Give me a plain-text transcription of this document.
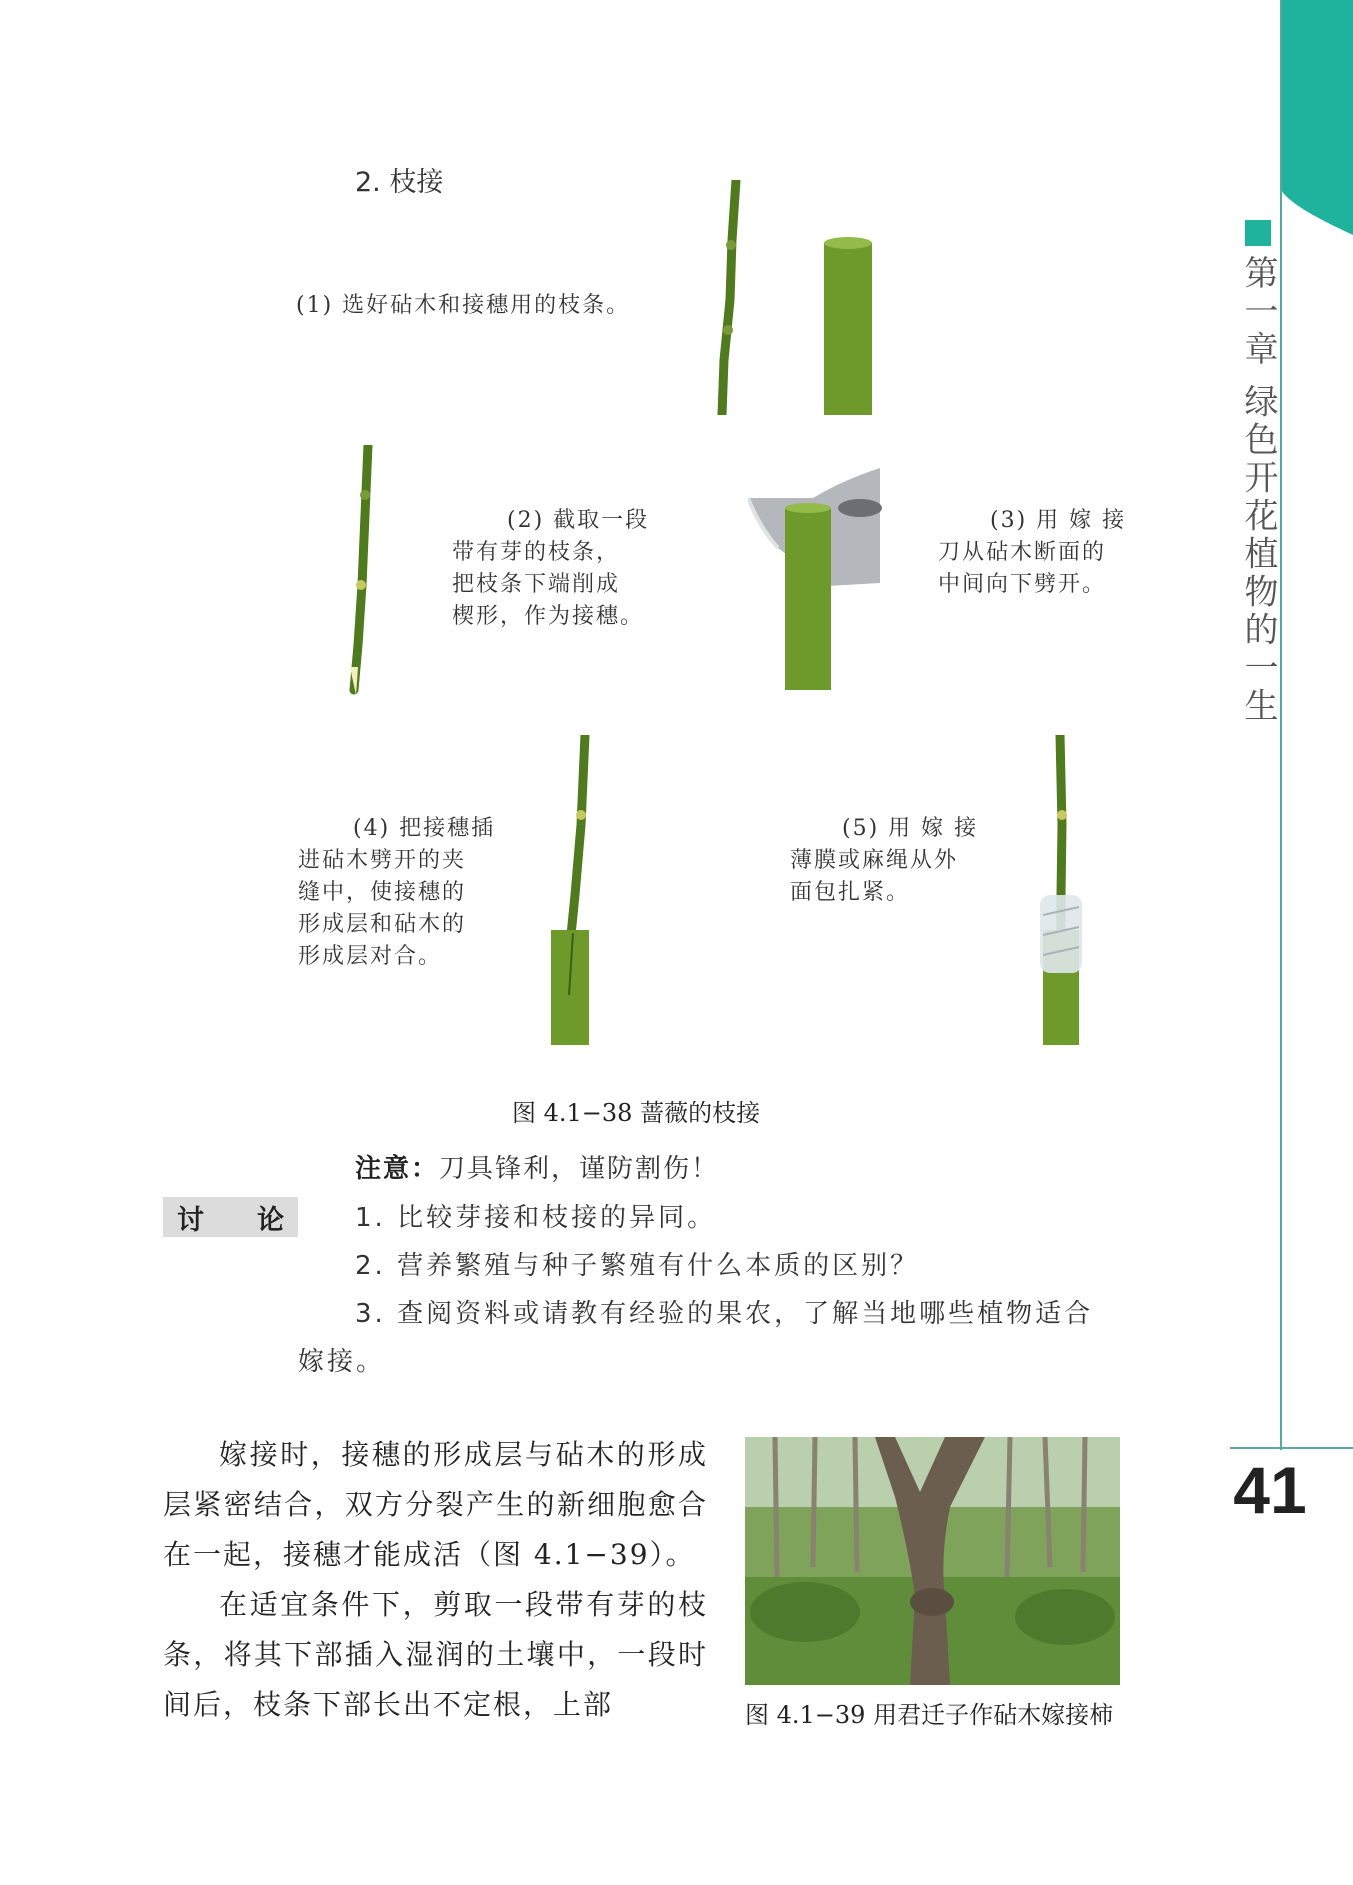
第一章 绿色开花植物的一生
41
2. 枝接
(1) 选好砧木和接穗用的枝条。
(2) 截取一段
带有芽的枝条，
把枝条下端削成
楔形，作为接穗。
(3) 用 嫁 接
刀从砧木断面的
中间向下劈开。
(4) 把接穗插
进砧木劈开的夹
缝中，使接穗的
形成层和砧木的
形成层对合。
(5) 用 嫁 接
薄膜或麻绳从外
面包扎紧。
图 4.1−38 蔷薇的枝接
注意：刀具锋利，谨防割伤！
讨 论	1. 比较芽接和枝接的异同。
2. 营养繁殖与种子繁殖有什么本质的区别？
3. 查阅资料或请教有经验的果农，了解当地哪些植物适合
嫁接。

嫁接时，接穗的形成层与砧木的形成层紧密结合，双方分裂产生的新细胞愈合在一起，接穗才能成活（图 4.1−39）。

在适宜条件下，剪取一段带有芽的枝条，将其下部插入湿润的土壤中，一段时间后，枝条下部长出不定根，上部	图 4.1−39 用君迁子作砧木嫁接柿
